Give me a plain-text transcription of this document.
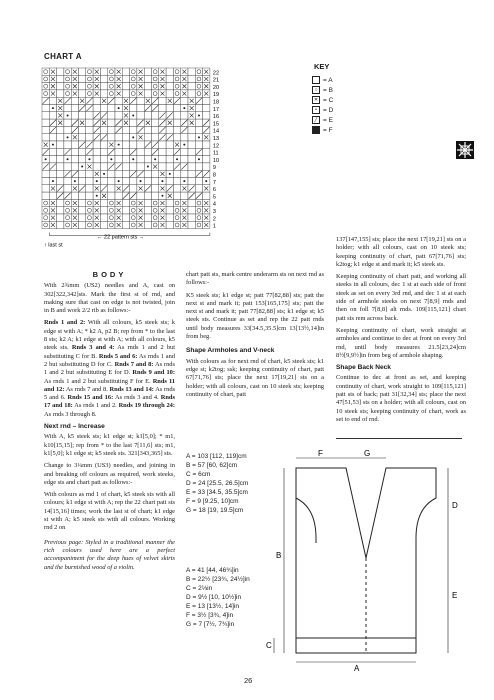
CHART A
22
21
20
19
18
17
16
15
14
13
12
11
10
9
8
7
6
5
4
3
2
1
← 22 pattern sts →
↑ last st
KEY
= A
○ = B
✕ = C
• = D
╱ = E
= F
BODY

With 2¾mm (US2) needles and A, cast on 302[322,342]sts. Mark the first st of rnd, and making sure that cast on edge is not twisted, join in B and work 2/2 rib as follows:-

Rnds 1 and 2: With all colours, k5 steek sts; k edge st with A; * k2 A, p2 B; rep from * to the last 8 sts; k2 A; k1 edge st with A; with all colours, k5 steek sts. Rnds 3 and 4: As rnds 1 and 2 but substituting C for B. Rnds 5 and 6: As rnds 1 and 2 but substituting D for C. Rnds 7 and 8: As rnds 1 and 2 but substituting E for D. Rnds 9 and 10: As rnds 1 and 2 but substituting F for E. Rnds 11 and 12: As rnds 7 and 8. Rnds 13 and 14: As rnds 5 and 6. Rnds 15 and 16: As rnds 3 and 4. Rnds 17 and 18: As rnds 1 and 2. Rnds 19 through 24: As rnds 3 through 8.

Next rnd – Increase

With A, k5 steek sts; k1 edge st; k1[5,0]; * m1, k10[15,15]; rep from * to the last 7[11,6] sts; m1, k1[5,0]; k1 edge st; k5 steek sts. 321[343,365] sts.

Change to 3¼mm (US3) needles, and joining in and breaking off colours as required, work steeks, edge sts and chart patt as follows:-

With colours as rnd 1 of chart, k5 steek sts with all colours; k1 edge st with A; rep the 22 chart patt sts 14[15,16] times; work the last st of chart; k1 edge st with A; k5 steek sts with all colours. Working rnd 2 on

Previous page: Styled in a traditional manner the rich colours used here are a perfect accompaniment for the deep hues of velvet skirts and the burnished wood of a violin.

chart patt sts, mark centre underarm sts on next rnd as follows:-

K5 steek sts; k1 edge st; patt 77[82,88] sts; patt the next st and mark it; patt 153[165,175] sts; patt the next st and mark it; patt 77[82,88] sts; k1 edge st; k5 steek sts. Continue as set and rep the 22 patt rnds until body measures 33[34.5,35.5]cm 13[13½,14]in from beg.

Shape Armholes and V-neck

With colours as for next rnd of chart, k5 steek sts; k1 edge st; k2tog; ssk; keeping continuity of chart, patt 67[71,76] sts; place the next 17[19,21] sts on a holder; with all colours, cast on 10 steek sts; keeping continuity of chart, patt

137[147,155] sts; place the next 17[19,21] sts on a holder; with all colours, cast on 10 steek sts; keeping continuity of chart, patt 67[71,76] sts; k2tog; k1 edge st and mark it; k5 steek sts.

Keeping continuity of chart patt, and working all steeks in all colours, dec 1 st at each side of front steek as set on every 3rd rnd, and dec 1 st at each side of armhole steeks on next 7[8,9] rnds and then on foll 7[8,8] alt rnds. 109[115,121] chart patt sts rem across back.

Keeping continuity of chart, work straight at armholes and continue to dec at front on every 3rd rnd, until body measures 21.5[23,24]cm 8½[9,9½]in from beg of armhole shaping.

Shape Back Neck

Continue to dec at front as set, and keeping continuity of chart, work straight to 109[115,121] patt sts of back; patt 31[32,34] sts; place the next 47[51,53] sts on a holder; with all colours, cast on 10 steek sts; keeping continuity of chart, work as set to end of rnd.

A = 103 [112, 119]cm
B = 57 [60, 62]cm
C = 6cm
D = 24 [25.5, 26.5]cm
E = 33 [34.5, 35.5]cm
F = 9 [9.25, 10]cm
G = 18 [19, 19.5]cm
A = 41 [44, 46¾]in
B = 22½ [23¾, 24½]in
C = 2⅓in
D = 9½ [10, 10½]in
E = 13 [13½, 14]in
F = 3½ [3¾, 4]in
G = 7 [7½, 7¾]in
F	G
D
E
B
C
A
26
